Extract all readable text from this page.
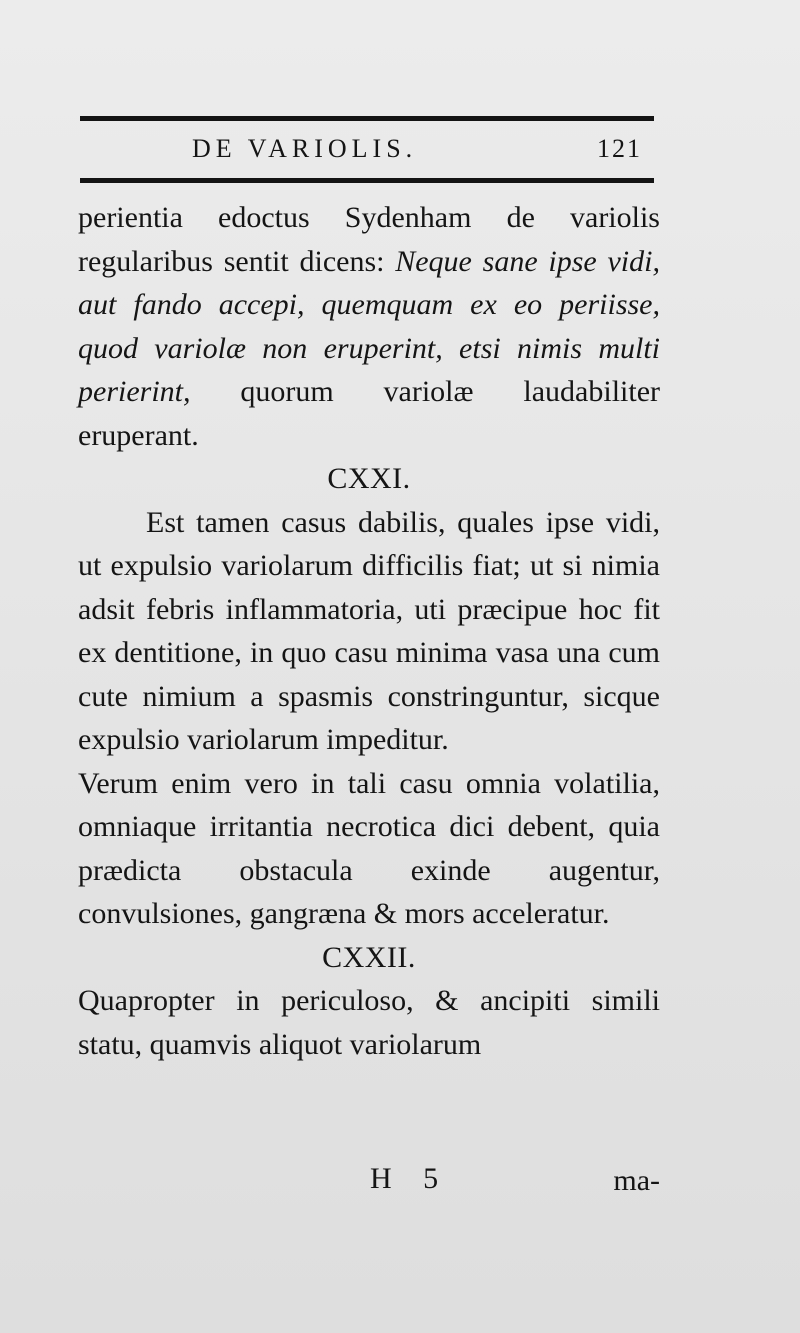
DE VARIOLIS.	121

perientia edoctus Sydenham de variolis regularibus sentit dicens: Neque sane ipse vidi, aut fando accepi, quemquam ex eo periisse, quod variolæ non eruperint, etsi nimis multi perierint, quorum variolæ laudabiliter eruperant.

CXXI.

Est tamen casus dabilis, quales ipse vidi, ut expulsio variolarum difficilis fiat; ut si nimia adsit febris inflammatoria, uti præcipue hoc fit ex dentitione, in quo casu minima vasa una cum cute nimium a spasmis constringuntur, sicque expulsio variolarum impeditur.

Verum enim vero in tali casu omnia volatilia, omniaque irritantia necrotica dici debent, quia prædicta obstacula exinde augentur, convulsiones, gangræna & mors acceleratur.

CXXII.

Quapropter in periculoso, & ancipiti simili statu, quamvis aliquot variolarum

H 5	ma-
